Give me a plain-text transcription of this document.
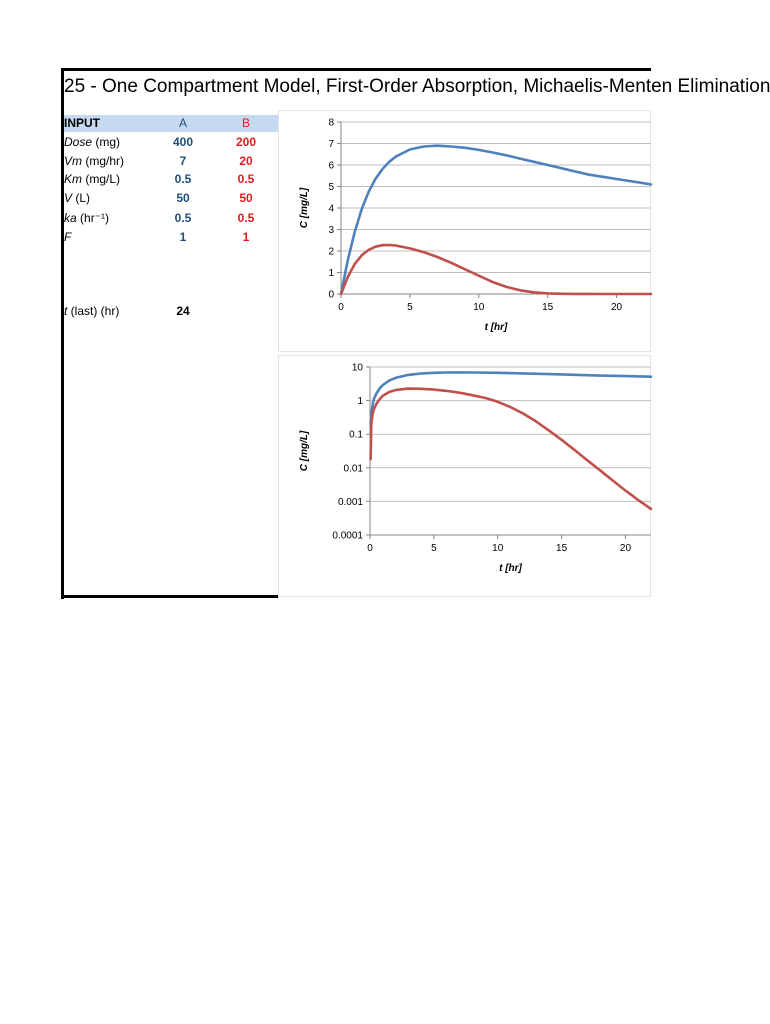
25 - One Compartment Model, First-Order Absorption, Michaelis-Menten Elimination
INPUT	A	B
Dose (mg)	400	200
Vm (mg/hr)	7	20
Km (mg/L)	0.5	0.5
V (L)	50	50
ka (hr⁻¹)	0.5	0.5
F	1	1
t (last) (hr)	24
0
1
2
3
4
5
6
7
8
0	5	10	15	20
t [hr]
C [mg/L]
0.0001
0.001
0.01
0.1
1
10
0	5	10	15	20
t [hr]
C [mg/L]
